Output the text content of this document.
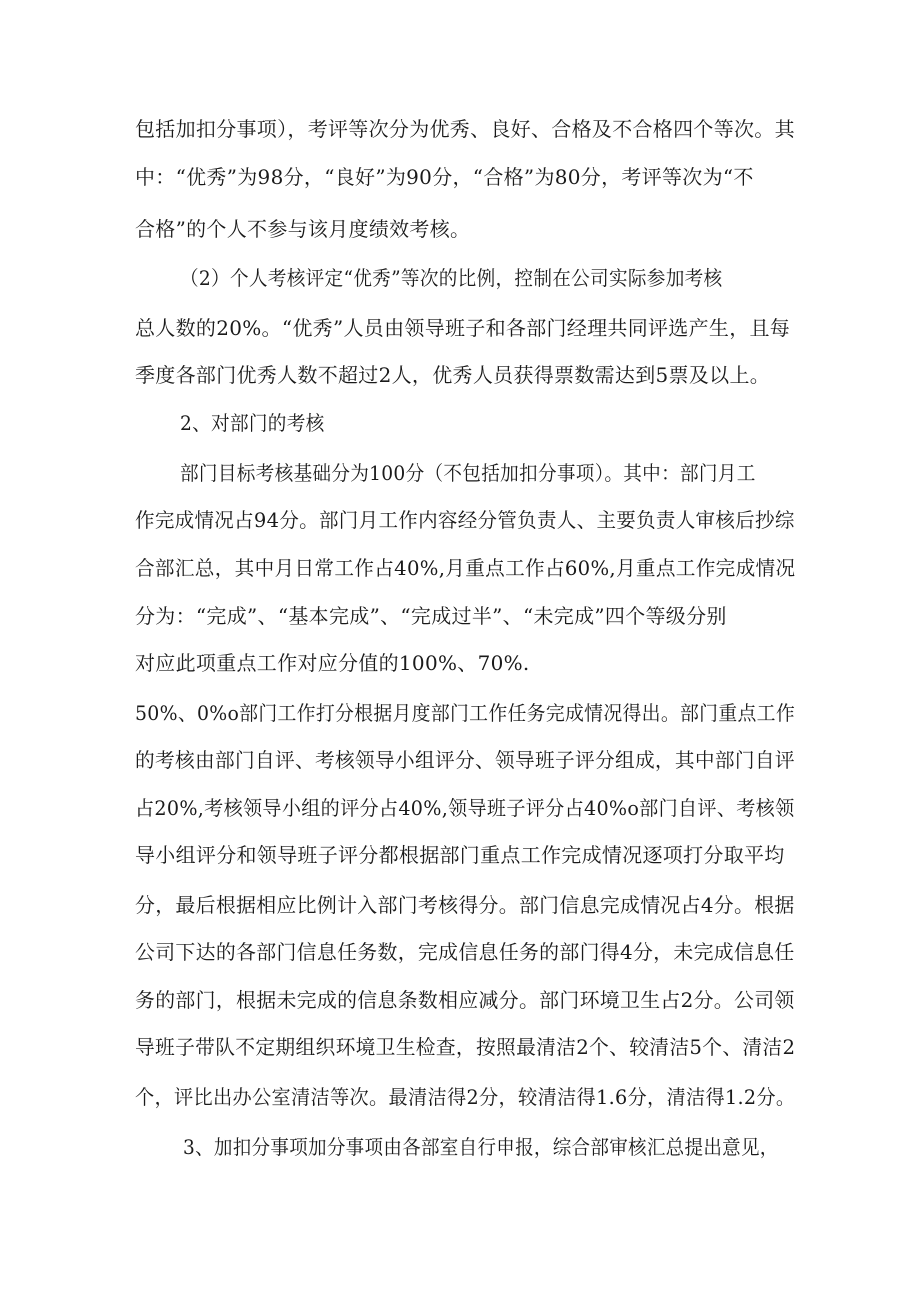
包括加扣分事项），考评等次分为优秀、良好、合格及不合格四个等次。其
中：“优秀”为98分，“良好”为90分，“合格”为80分，考评等次为“不
合格”的个人不参与该月度绩效考核。
（2）个人考核评定“优秀”等次的比例，控制在公司实际参加考核
总人数的20%。“优秀”人员由领导班子和各部门经理共同评选产生，且每
季度各部门优秀人数不超过2人，优秀人员获得票数需达到5票及以上。
2、对部门的考核
部门目标考核基础分为100分（不包括加扣分事项）。其中：部门月工
作完成情况占94分。部门月工作内容经分管负责人、主要负责人审核后抄综
合部汇总，其中月日常工作占40%,月重点工作占60%,月重点工作完成情况
分为：“完成”、“基本完成”、“完成过半”、“未完成”四个等级分别
对应此项重点工作对应分值的100%、70%.
50%、0%o部门工作打分根据月度部门工作任务完成情况得出。部门重点工作
的考核由部门自评、考核领导小组评分、领导班子评分组成，其中部门自评
占20%,考核领导小组的评分占40%,领导班子评分占40%o部门自评、考核领
导小组评分和领导班子评分都根据部门重点工作完成情况逐项打分取平均
分，最后根据相应比例计入部门考核得分。部门信息完成情况占4分。根据
公司下达的各部门信息任务数，完成信息任务的部门得4分，未完成信息任
务的部门，根据未完成的信息条数相应减分。部门环境卫生占2分。公司领
导班子带队不定期组织环境卫生检查，按照最清洁2个、较清洁5个、清洁2
个，评比出办公室清洁等次。最清洁得2分，较清洁得1.6分，清洁得1.2分。
3、加扣分事项加分事项由各部室自行申报，综合部审核汇总提出意见，
